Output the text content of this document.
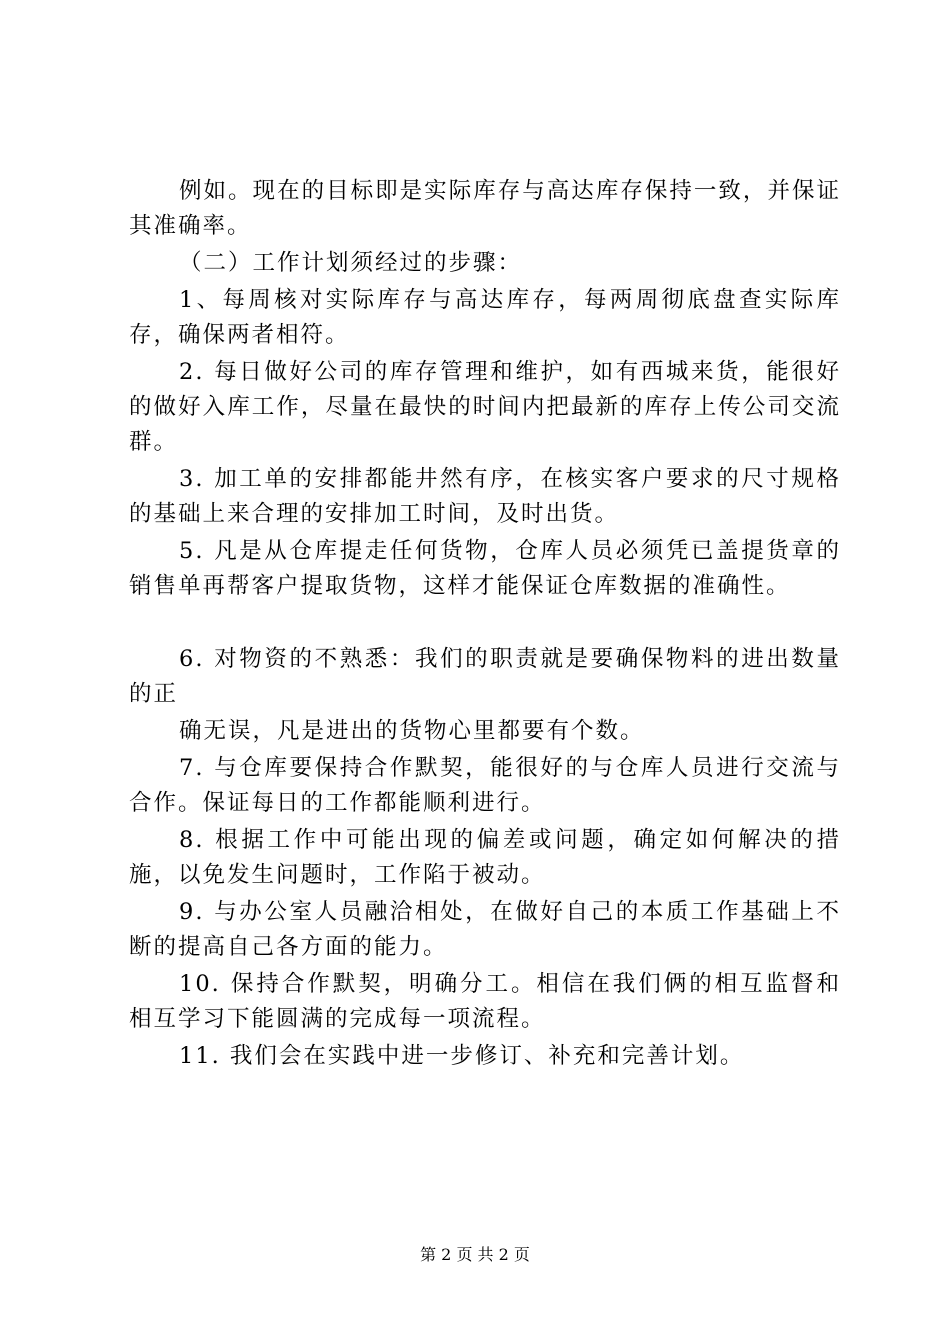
例如。现在的目标即是实际库存与高达库存保持一致，并保证其准确率。

（二）工作计划须经过的步骤：

1、每周核对实际库存与高达库存，每两周彻底盘查实际库存，确保两者相符。

2. 每日做好公司的库存管理和维护，如有西城来货，能很好的做好入库工作，尽量在最快的时间内把最新的库存上传公司交流群。

3. 加工单的安排都能井然有序，在核实客户要求的尺寸规格的基础上来合理的安排加工时间，及时出货。

5. 凡是从仓库提走任何货物，仓库人员必须凭已盖提货章的销售单再帮客户提取货物，这样才能保证仓库数据的准确性。

6. 对物资的不熟悉：我们的职责就是要确保物料的进出数量的正

确无误，凡是进出的货物心里都要有个数。

7. 与仓库要保持合作默契，能很好的与仓库人员进行交流与合作。保证每日的工作都能顺利进行。

8. 根据工作中可能出现的偏差或问题，确定如何解决的措施，以免发生问题时，工作陷于被动。

9. 与办公室人员融洽相处，在做好自己的本质工作基础上不断的提高自己各方面的能力。

10. 保持合作默契，明确分工。相信在我们俩的相互监督和相互学习下能圆满的完成每一项流程。

11. 我们会在实践中进一步修订、补充和完善计划。

第 2 页 共 2 页
